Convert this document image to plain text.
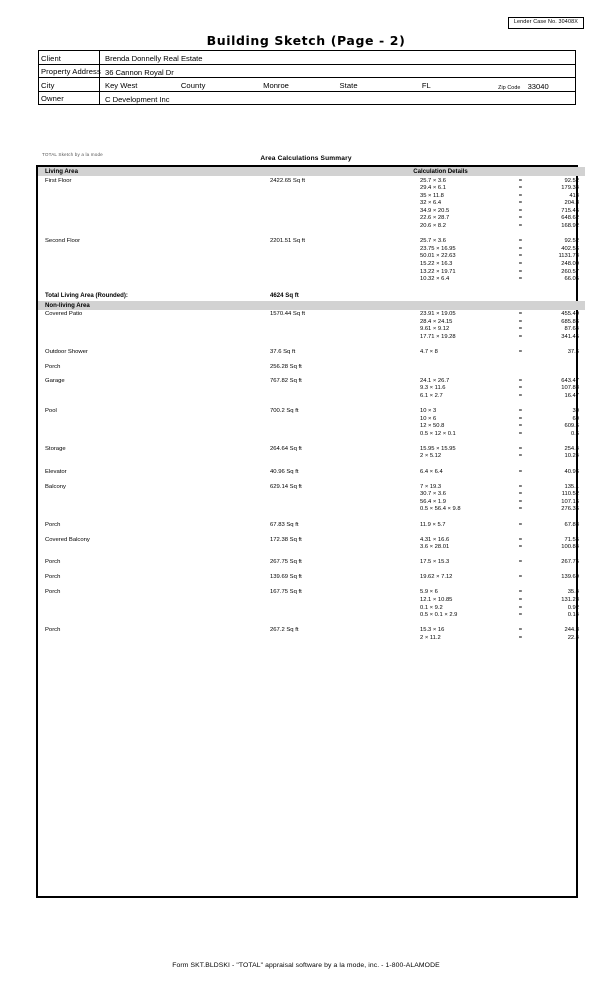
Lender Case No. 30408X
Building Sketch (Page - 2)
Client	Brenda Donnelly Real Estate					
Property Address	36 Cannon Royal Dr					
City	Key West	County	Monroe	State	FL	Zip Code 33040
Owner	C Development Inc					
TOTAL Sketch by a la mode
Area Calculations Summary
Living Area		Calculation Details

First Floor	2422.65 Sq ft		25.7 × 3.6	=	92.52
29.4 × 6.1	=	179.34
35 × 11.8	=	413
32 × 6.4	=	204.8
34.9 × 20.5	=	715.45
22.6 × 28.7	=	648.62
20.6 × 8.2	=	168.92

Second Floor	2201.51 Sq ft		25.7 × 3.6	=	92.52
23.75 × 16.95	=	402.56
50.01 × 22.63	=	1131.73
15.22 × 16.3	=	248.09
13.22 × 19.71	=	260.57
10.32 × 6.4	=	66.05

Total Living Area (Rounded):	4624 Sq ft	
Non-living Area		
Covered Patio	1570.44 Sq ft		23.91 × 19.05	=	455.49
28.4 × 24.15	=	685.86
9.61 × 9.12	=	87.64
17.71 × 19.28	=	341.45

Outdoor Shower	37.6 Sq ft		4.7 × 8	=	37.6

Porch	256.28 Sq ft	

Garage	767.82 Sq ft		24.1 × 26.7	=	643.47
9.3 × 11.6	=	107.88
6.1 × 2.7	=	16.47

Pool	700.2 Sq ft		10 × 3	=	30
10 × 6	=	60
12 × 50.8	=	609.6
0.5 × 12 × 0.1	=	0.6

Storage	264.64 Sq ft		15.95 × 15.95	=	254.4
2 × 5.12	=	10.24

Elevator	40.96 Sq ft		6.4 × 6.4	=	40.96

Balcony	629.14 Sq ft		7 × 19.3	=	135.1
30.7 × 3.6	=	110.52
56.4 × 1.9	=	107.16
0.5 × 56.4 × 9.8	=	276.36

Porch	67.83 Sq ft		11.9 × 5.7	=	67.83

Covered Balcony	172.38 Sq ft		4.31 × 16.6	=	71.55
3.6 × 28.01	=	100.84

Porch	267.75 Sq ft		17.5 × 15.3	=	267.75

Porch	139.69 Sq ft		19.62 × 7.12	=	139.69

Porch	167.75 Sq ft		5.9 × 6	=	35.4
12.1 × 10.85	=	131.28
0.1 × 9.2	=	0.92
0.5 × 0.1 × 2.9	=	0.14

Porch	267.2 Sq ft		15.3 × 16	=	244.8
2 × 11.2	=	22.4
Form SKT.BLDSKI - "TOTAL" appraisal software by a la mode, inc. - 1-800-ALAMODE
